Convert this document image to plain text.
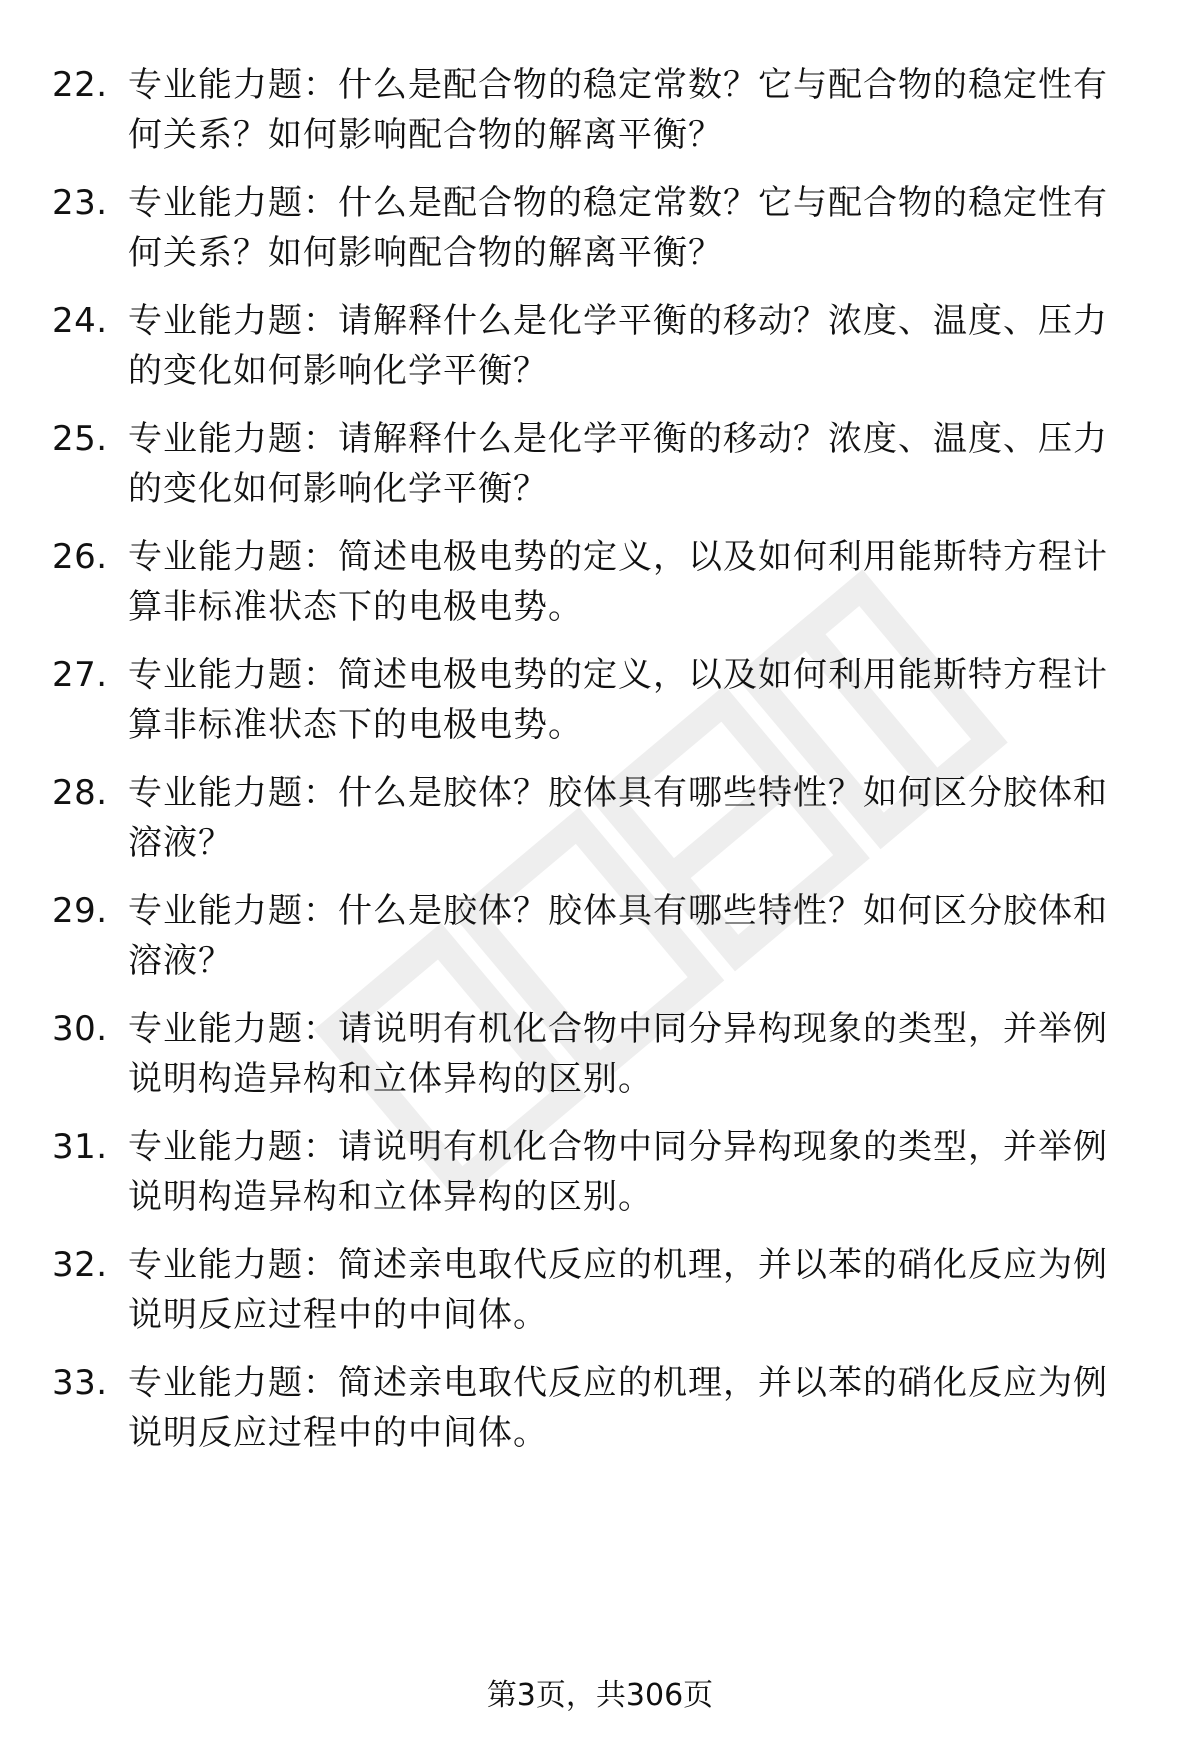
22. 专业能力题：什么是配合物的稳定常数？它与配合物的稳定性有何关系？如何影响配合物的解离平衡？
23. 专业能力题：什么是配合物的稳定常数？它与配合物的稳定性有何关系？如何影响配合物的解离平衡？
24. 专业能力题：请解释什么是化学平衡的移动？浓度、温度、压力的变化如何影响化学平衡？
25. 专业能力题：请解释什么是化学平衡的移动？浓度、温度、压力的变化如何影响化学平衡？
26. 专业能力题：简述电极电势的定义，以及如何利用能斯特方程计算非标准状态下的电极电势。
27. 专业能力题：简述电极电势的定义，以及如何利用能斯特方程计算非标准状态下的电极电势。
28. 专业能力题：什么是胶体？胶体具有哪些特性？如何区分胶体和溶液？
29. 专业能力题：什么是胶体？胶体具有哪些特性？如何区分胶体和溶液？
30. 专业能力题：请说明有机化合物中同分异构现象的类型，并举例说明构造异构和立体异构的区别。
31. 专业能力题：请说明有机化合物中同分异构现象的类型，并举例说明构造异构和立体异构的区别。
32. 专业能力题：简述亲电取代反应的机理，并以苯的硝化反应为例说明反应过程中的中间体。
33. 专业能力题：简述亲电取代反应的机理，并以苯的硝化反应为例说明反应过程中的中间体。
第3页，共306页
